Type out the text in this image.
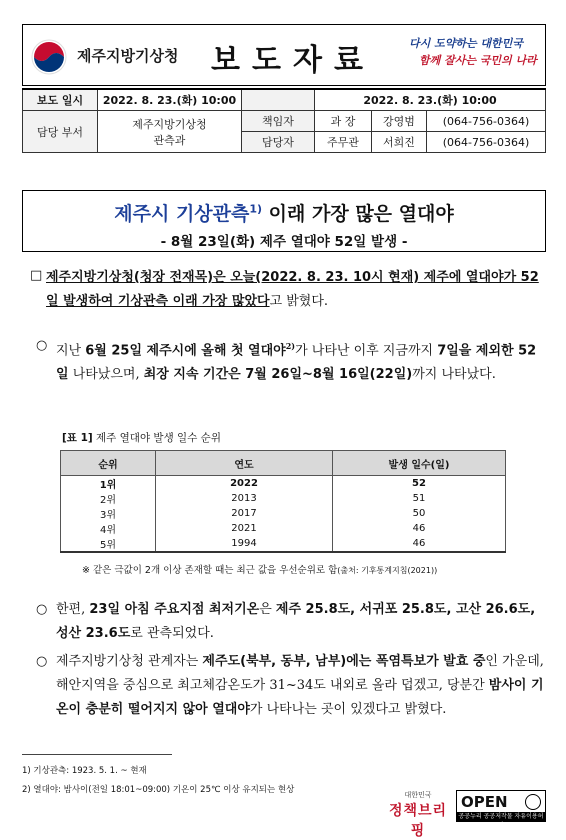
제주지방기상청 보도자료	다시 도약하는 대한민국
함께 잘사는 국민의 나라
보도 일시	2022. 8. 23.(화) 10:00		2022. 8. 23.(화) 10:00		
담당 부서	제주지방기상청
관측과	책임자	과 장	강영범	(064-756-0364)
		담당자	주무관	서희진	(064-756-0364)
제주시 기상관측$^{1)}$ 이래 가장 많은 열대야
- 8월 23일(화) 제주 열대야 52일 발생 -
□ 제주지방기상청(청장 전재목)은 오늘(2022. 8. 23. 10시 현재) 제주에 열대야가 52일 발생하여 기상관측 이래 가장 많았다고 밝혔다.
○ 지난 6월 25일 제주시에 올해 첫 열대야$^{2)}$가 나타난 이후 지금까지 7일을 제외한 52일 나타났으며, 최장 지속 기간은 7월 26일~8월 16일(22일)까지 나타났다.
[표 1] 제주 열대야 발생 일수 순위
순위	연도	발생 일수(일)
1위	2022	52
2위	2013	51
3위	2017	50
4위	2021	46
5위	1994	46
※ 같은 극값이 2개 이상 존재할 때는 최근 값을 우선순위로 함(출처: 기후통계지침(2021))
○ 한편, 23일 아침 주요지점 최저기온은 제주 25.8도, 서귀포 25.8도, 고산 26.6도, 성산 23.6도로 관측되었다.
○ 제주지방기상청 관계자는 제주도(북부, 동부, 남부)에는 폭염특보가 발효 중인 가운데, 해안지역을 중심으로 최고체감온도가 31~34도 내외로 올라 덥겠고, 당분간 밤사이 기온이 충분히 떨어지지 않아 열대야가 나타나는 곳이 있겠다고 밝혔다.
1) 기상관측: 1923. 5. 1. ~ 현재
2) 열대야: 밤사이(전일 18:01~09:00) 기온이 25℃ 이상 유지되는 현상	대한민국
정책브리핑
OPEN
공공누리 공공저작물 자유이용허락
